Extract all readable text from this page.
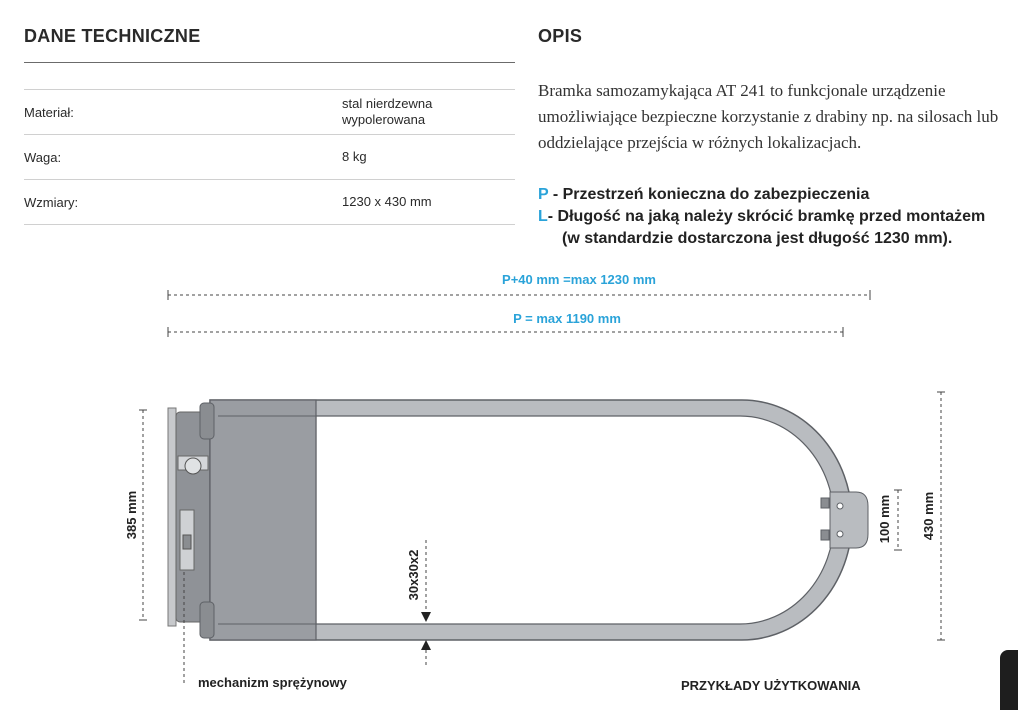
DANE TECHNICZNE
Materiał:	stal nierdzewna
wypolerowana
Waga:	8 kg
Wzmiary:	1230 x 430 mm
OPIS
Bramka samozamykająca AT 241 to funkcjonale urządzenie umożliwiające bezpieczne korzystanie z drabiny np. na silosach lub oddzielające przejścia w różnych lokalizacjach.
P - Przestrzeń konieczna do zabezpieczenia
L- Długość na jaką należy skrócić bramkę przed montażem
(w standardzie dostarczona jest długość 1230 mm).
P+40 mm =max 1230 mm
P = max 1190 mm
385 mm	100 mm 430 mm
30x30x2
mechanizm sprężynowy	PRZYKŁADY UŻYTKOWANIA
